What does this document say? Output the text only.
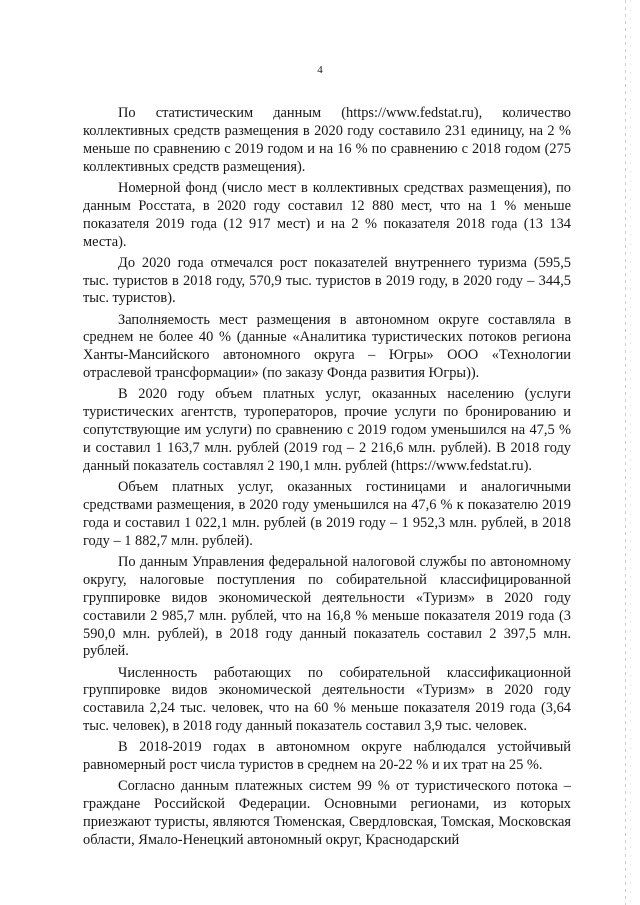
4

По статистическим данным (https://www.fedstat.ru), количество коллективных средств размещения в 2020 году составило 231 единицу, на 2 % меньше по сравнению с 2019 годом и на 16 % по сравнению с 2018 годом (275 коллективных средств размещения).

Номерной фонд (число мест в коллективных средствах размещения), по данным Росстата, в 2020 году составил 12 880 мест, что на 1 % меньше показателя 2019 года (12 917 мест) и на 2 % показателя 2018 года (13 134 места).

До 2020 года отмечался рост показателей внутреннего туризма (595,5 тыс. туристов в 2018 году, 570,9 тыс. туристов в 2019 году, в 2020 году – 344,5 тыс. туристов).

Заполняемость мест размещения в автономном округе составляла в среднем не более 40 % (данные «Аналитика туристических потоков региона Ханты-Мансийского автономного округа – Югры» ООО «Технологии отраслевой трансформации» (по заказу Фонда развития Югры)).

В 2020 году объем платных услуг, оказанных населению (услуги туристических агентств, туроператоров, прочие услуги по бронированию и сопутствующие им услуги) по сравнению с 2019 годом уменьшился на 47,5 % и составил 1 163,7 млн. рублей (2019 год – 2 216,6 млн. рублей). В 2018 году данный показатель составлял 2 190,1 млн. рублей (https://www.fedstat.ru).

Объем платных услуг, оказанных гостиницами и аналогичными средствами размещения, в 2020 году уменьшился на 47,6 % к показателю 2019 года и составил 1 022,1 млн. рублей (в 2019 году – 1 952,3 млн. рублей, в 2018 году – 1 882,7 млн. рублей).

По данным Управления федеральной налоговой службы по автономному округу, налоговые поступления по собирательной классифицированной группировке видов экономической деятельности «Туризм» в 2020 году составили 2 985,7 млн. рублей, что на 16,8 % меньше показателя 2019 года (3 590,0 млн. рублей), в 2018 году данный показатель составил 2 397,5 млн. рублей.

Численность работающих по собирательной классификационной группировке видов экономической деятельности «Туризм» в 2020 году составила 2,24 тыс. человек, что на 60 % меньше показателя 2019 года (3,64 тыс. человек), в 2018 году данный показатель составил 3,9 тыс. человек.

В 2018-2019 годах в автономном округе наблюдался устойчивый равномерный рост числа туристов в среднем на 20-22 % и их трат на 25 %.

Согласно данным платежных систем 99 % от туристического потока – граждане Российской Федерации. Основными регионами, из которых приезжают туристы, являются Тюменская, Свердловская, Томская, Московская области, Ямало-Ненецкий автономный округ, Краснодарский
